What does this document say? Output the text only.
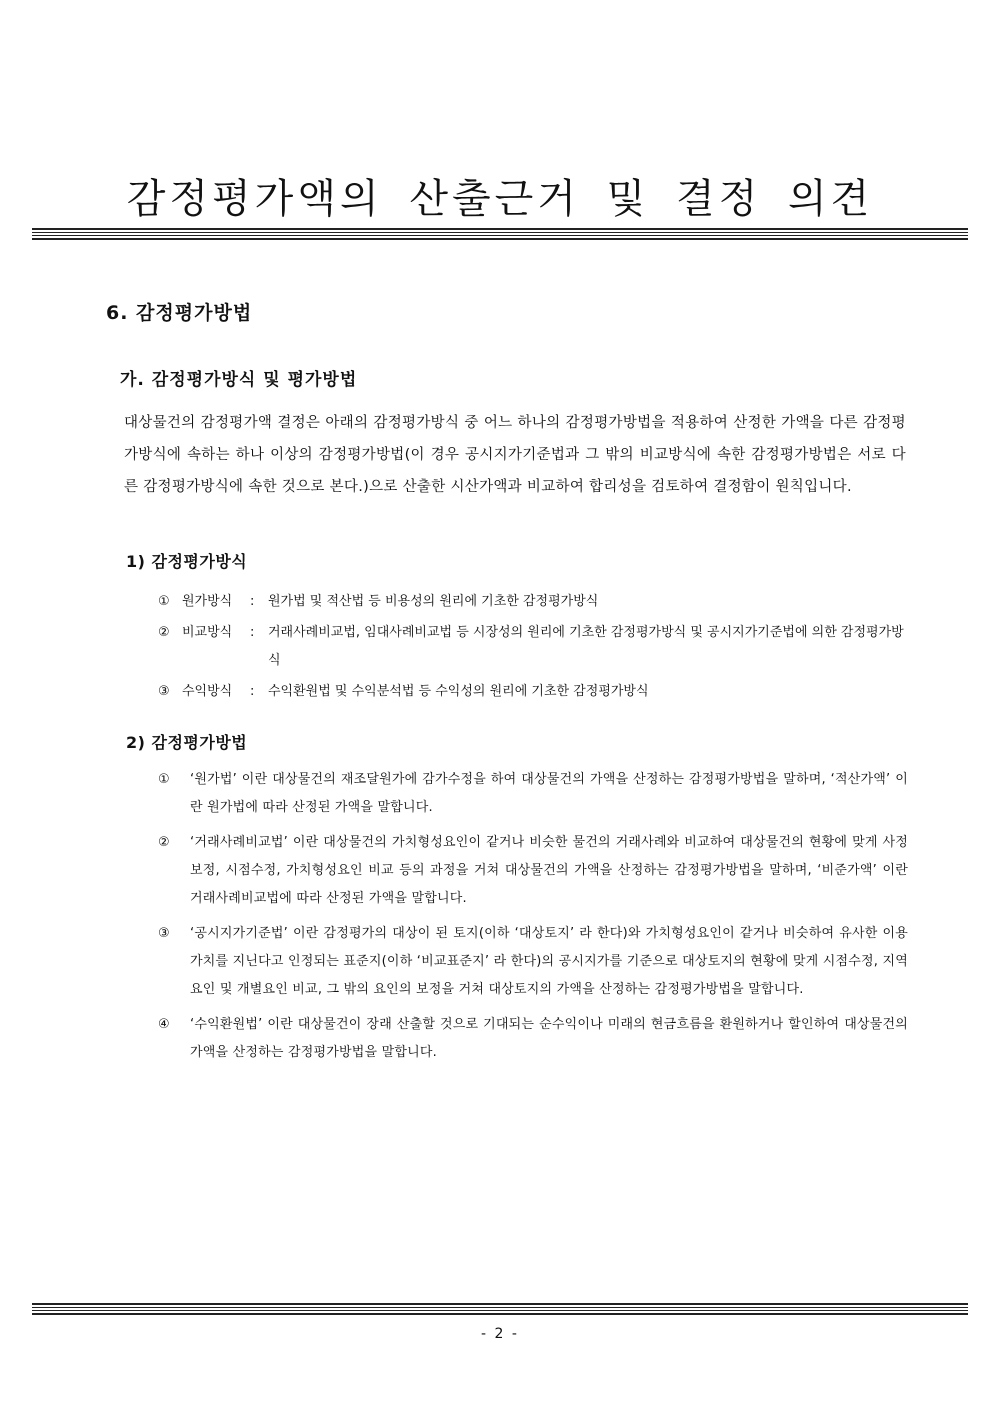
감정평가액의 산출근거 및 결정 의견
6. 감정평가방법
가. 감정평가방식 및 평가방법

대상물건의 감정평가액 결정은 아래의 감정평가방식 중 어느 하나의 감정평가방법을 적용하여 산정한 가액을 다른 감정평가방식에 속하는 하나 이상의 감정평가방법(이 경우 공시지가기준법과 그 밖의 비교방식에 속한 감정평가방법은 서로 다른 감정평가방식에 속한 것으로 본다.)으로 산출한 시산가액과 비교하여 합리성을 검토하여 결정함이 원칙입니다.

1) 감정평가방식
① 원가방식 : 원가법 및 적산법 등 비용성의 원리에 기초한 감정평가방식
② 비교방식 : 거래사례비교법, 임대사례비교법 등 시장성의 원리에 기초한 감정평가방식 및 공시지가기준법에 의한 감정평가방식
③ 수익방식 : 수익환원법 및 수익분석법 등 수익성의 원리에 기초한 감정평가방식
2) 감정평가방법
① ‘원가법’ 이란 대상물건의 재조달원가에 감가수정을 하여 대상물건의 가액을 산정하는 감정평가방법을 말하며, ‘적산가액’ 이란 원가법에 따라 산정된 가액을 말합니다.
② ‘거래사례비교법’ 이란 대상물건의 가치형성요인이 같거나 비슷한 물건의 거래사례와 비교하여 대상물건의 현황에 맞게 사정보정, 시점수정, 가치형성요인 비교 등의 과정을 거쳐 대상물건의 가액을 산정하는 감정평가방법을 말하며, ‘비준가액’ 이란 거래사례비교법에 따라 산정된 가액을 말합니다.
③ ‘공시지가기준법’ 이란 감정평가의 대상이 된 토지(이하 ‘대상토지’ 라 한다)와 가치형성요인이 같거나 비슷하여 유사한 이용가치를 지닌다고 인정되는 표준지(이하 ‘비교표준지’ 라 한다)의 공시지가를 기준으로 대상토지의 현황에 맞게 시점수정, 지역요인 및 개별요인 비교, 그 밖의 요인의 보정을 거쳐 대상토지의 가액을 산정하는 감정평가방법을 말합니다.
④ ‘수익환원법’ 이란 대상물건이 장래 산출할 것으로 기대되는 순수익이나 미래의 현금흐름을 환원하거나 할인하여 대상물건의 가액을 산정하는 감정평가방법을 말합니다.
- 2 -
